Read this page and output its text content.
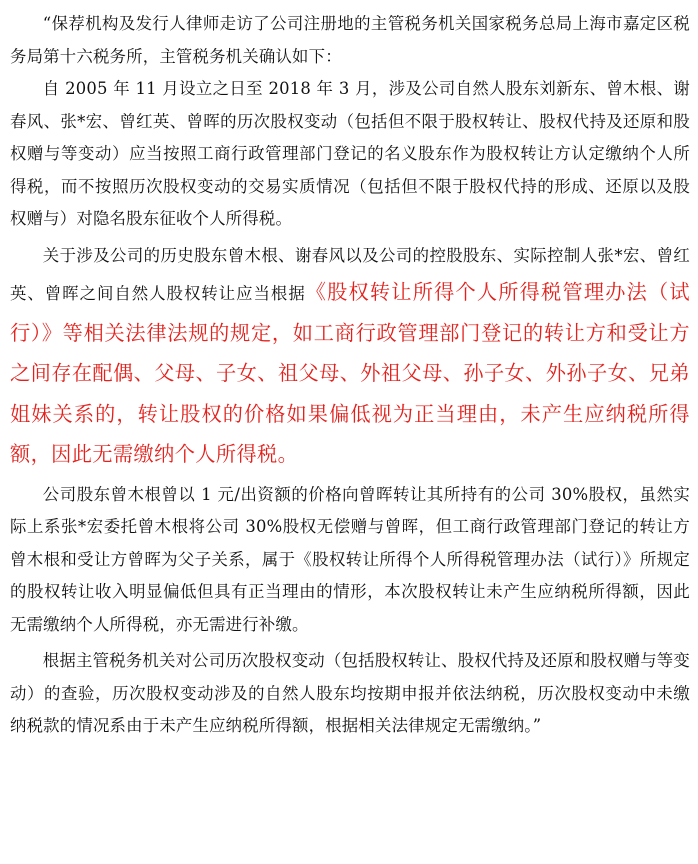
“保荐机构及发行人律师走访了公司注册地的主管税务机关国家税务总局上海市嘉定区税务局第十六税务所，主管税务机关确认如下：

自 2005 年 11 月设立之日至 2018 年 3 月，涉及公司自然人股东刘新东、曾木根、谢春风、张*宏、曾红英、曾晖的历次股权变动（包括但不限于股权转让、股权代持及还原和股权赠与等变动）应当按照工商行政管理部门登记的名义股东作为股权转让方认定缴纳个人所得税，而不按照历次股权变动的交易实质情况（包括但不限于股权代持的形成、还原以及股权赠与）对隐名股东征收个人所得税。

关于涉及公司的历史股东曾木根、谢春风以及公司的控股股东、实际控制人张*宏、曾红英、曾晖之间自然人股权转让应当根据《股权转让所得个人所得税管理办法（试行）》等相关法律法规的规定，如工商行政管理部门登记的转让方和受让方之间存在配偶、父母、子女、祖父母、外祖父母、孙子女、外孙子女、兄弟姐妹关系的，转让股权的价格如果偏低视为正当理由，未产生应纳税所得额，因此无需缴纳个人所得税。

公司股东曾木根曾以 1 元/出资额的价格向曾晖转让其所持有的公司 30%股权，虽然实际上系张*宏委托曾木根将公司 30%股权无偿赠与曾晖，但工商行政管理部门登记的转让方曾木根和受让方曾晖为父子关系，属于《股权转让所得个人所得税管理办法（试行）》所规定的股权转让收入明显偏低但具有正当理由的情形，本次股权转让未产生应纳税所得额，因此无需缴纳个人所得税，亦无需进行补缴。

根据主管税务机关对公司历次股权变动（包括股权转让、股权代持及还原和股权赠与等变动）的查验，历次股权变动涉及的自然人股东均按期申报并依法纳税，历次股权变动中未缴纳税款的情况系由于未产生应纳税所得额，根据相关法律规定无需缴纳。”
